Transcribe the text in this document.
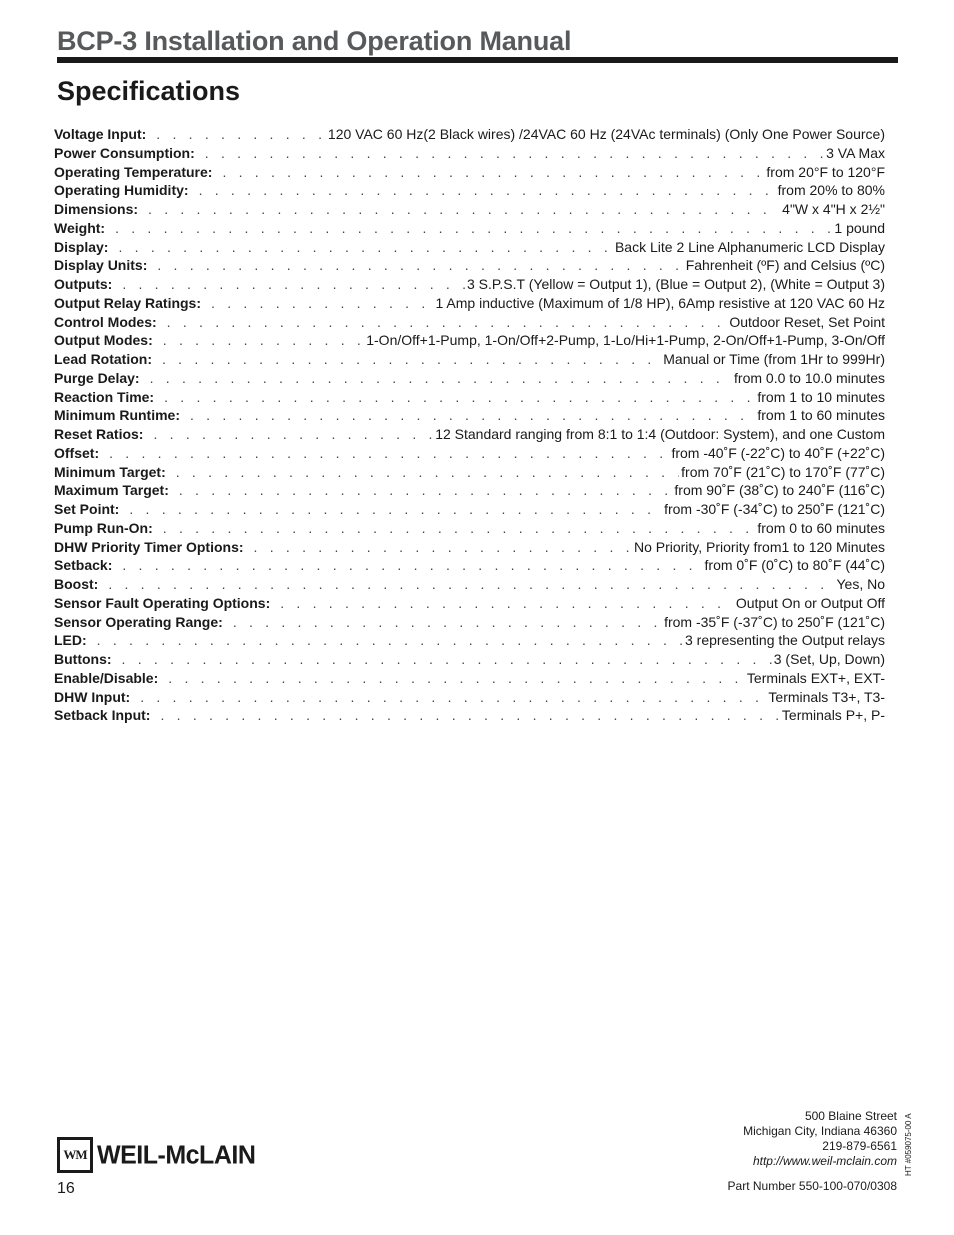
BCP-3 Installation and Operation Manual
Specifications
Voltage Input: . . .	120 VAC 60 Hz(2 Black wires) /24VAC 60 Hz (24VAc terminals) (Only One Power Source)
Power Consumption: . . .	3 VA Max
Operating Temperature: . . .	from 20°F to 120°F
Operating Humidity: . . .	from 20% to 80%
Dimensions: . . .	4"W x 4"H x 2½"
Weight: . . .	1 pound
Display: . . .	Back Lite 2 Line Alphanumeric LCD Display
Display Units: . . .	Fahrenheit (ºF) and Celsius (ºC)
Outputs: . . .	3 S.P.S.T (Yellow = Output 1), (Blue = Output 2), (White = Output 3)
Output Relay Ratings: . . .	1 Amp inductive (Maximum of 1/8 HP), 6Amp resistive at 120 VAC 60 Hz
Control Modes: . . .	Outdoor Reset, Set Point
Output Modes: . . .	1-On/Off+1-Pump, 1-On/Off+2-Pump, 1-Lo/Hi+1-Pump, 2-On/Off+1-Pump, 3-On/Off
Lead Rotation: . . .	Manual or Time (from 1Hr to 999Hr)
Purge Delay: . . .	from 0.0 to 10.0 minutes
Reaction Time: . . .	from 1 to 10 minutes
Minimum Runtime: . . .	from 1 to 60 minutes
Reset Ratios: . . .	12 Standard ranging from 8:1 to 1:4 (Outdoor: System), and one Custom
Offset: . . .	from -40˚F (-22˚C) to 40˚F (+22˚C)
Minimum Target: . . .	from 70˚F (21˚C) to 170˚F (77˚C)
Maximum Target: . . .	from 90˚F (38˚C) to 240˚F (116˚C)
Set Point: . . .	from -30˚F (-34˚C) to 250˚F (121˚C)
Pump Run-On: . . .	from 0 to 60 minutes
DHW Priority Timer Options: . . .	No Priority, Priority from1 to 120 Minutes
Setback: . . .	from 0˚F (0˚C) to 80˚F (44˚C)
Boost: . . .	Yes, No
Sensor Fault Operating Options: . . .	Output On or Output Off
Sensor Operating Range: . . .	from -35˚F (-37˚C) to 250˚F (121˚C)
LED: . . .	3 representing the Output relays
Buttons: . . .	3 (Set, Up, Down)
Enable/Disable: . . .	Terminals EXT+, EXT-
DHW Input: . . .	Terminals T3+, T3-
Setback Input: . . .	Terminals P+, P-
WM WEIL-McLAIN
16
500 Blaine Street
Michigan City, Indiana 46360
219-879-6561
http://www.weil-mclain.com
Part Number 550-100-070/0308
HT #059075-00 A
